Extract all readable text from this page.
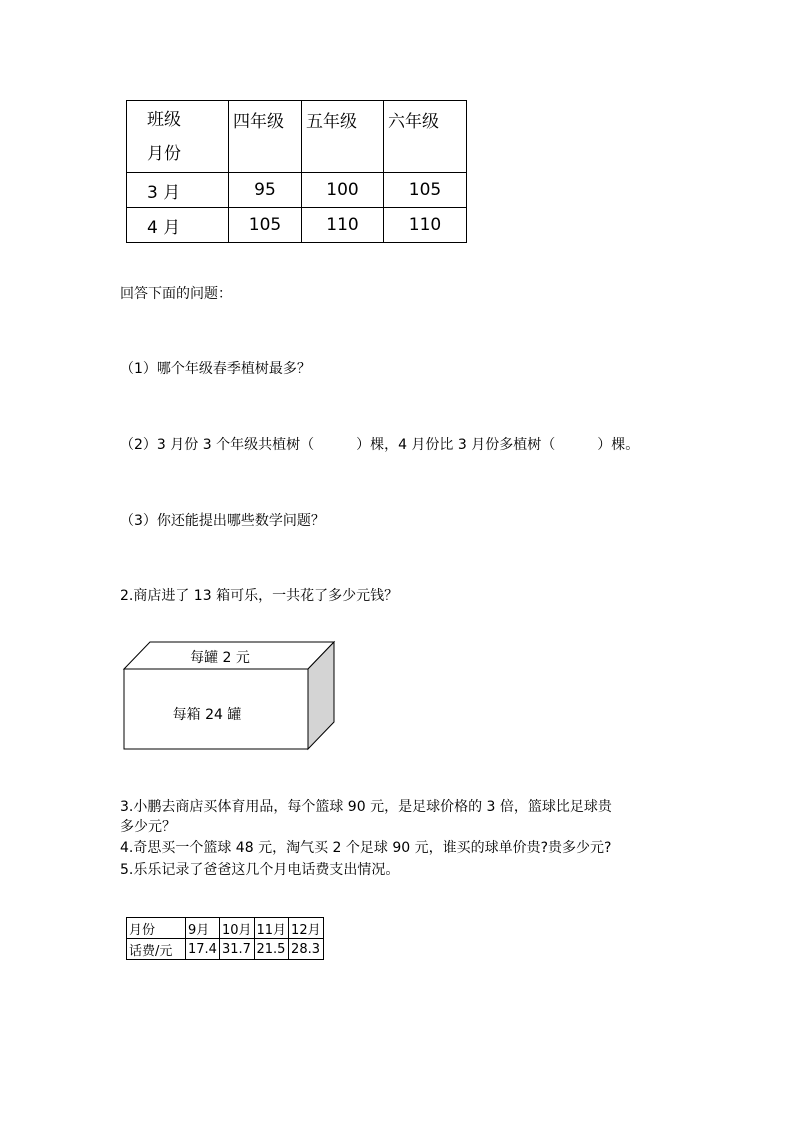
班级
月份	四年级	五年级	六年级
3 月	95	100	105
4 月	105	110	110
回答下面的问题：
（1）哪个年级春季植树最多？
（2）3 月份 3 个年级共植树（　　　）棵，4 月份比 3 月份多植树（　　　）棵。
（3）你还能提出哪些数学问题？
2.商店进了 13 箱可乐，一共花了多少元钱？
每罐 2 元
每箱 24 罐
3.小鹏去商店买体育用品，每个篮球 90 元，是足球价格的 3 倍，篮球比足球贵
多少元？
4.奇思买一个篮球 48 元，淘气买 2 个足球 90 元，谁买的球单价贵?贵多少元?
5.乐乐记录了爸爸这几个月电话费支出情况。
月份	9月	10月	11月	12月
话费/元	17.4	31.7	21.5	28.3
